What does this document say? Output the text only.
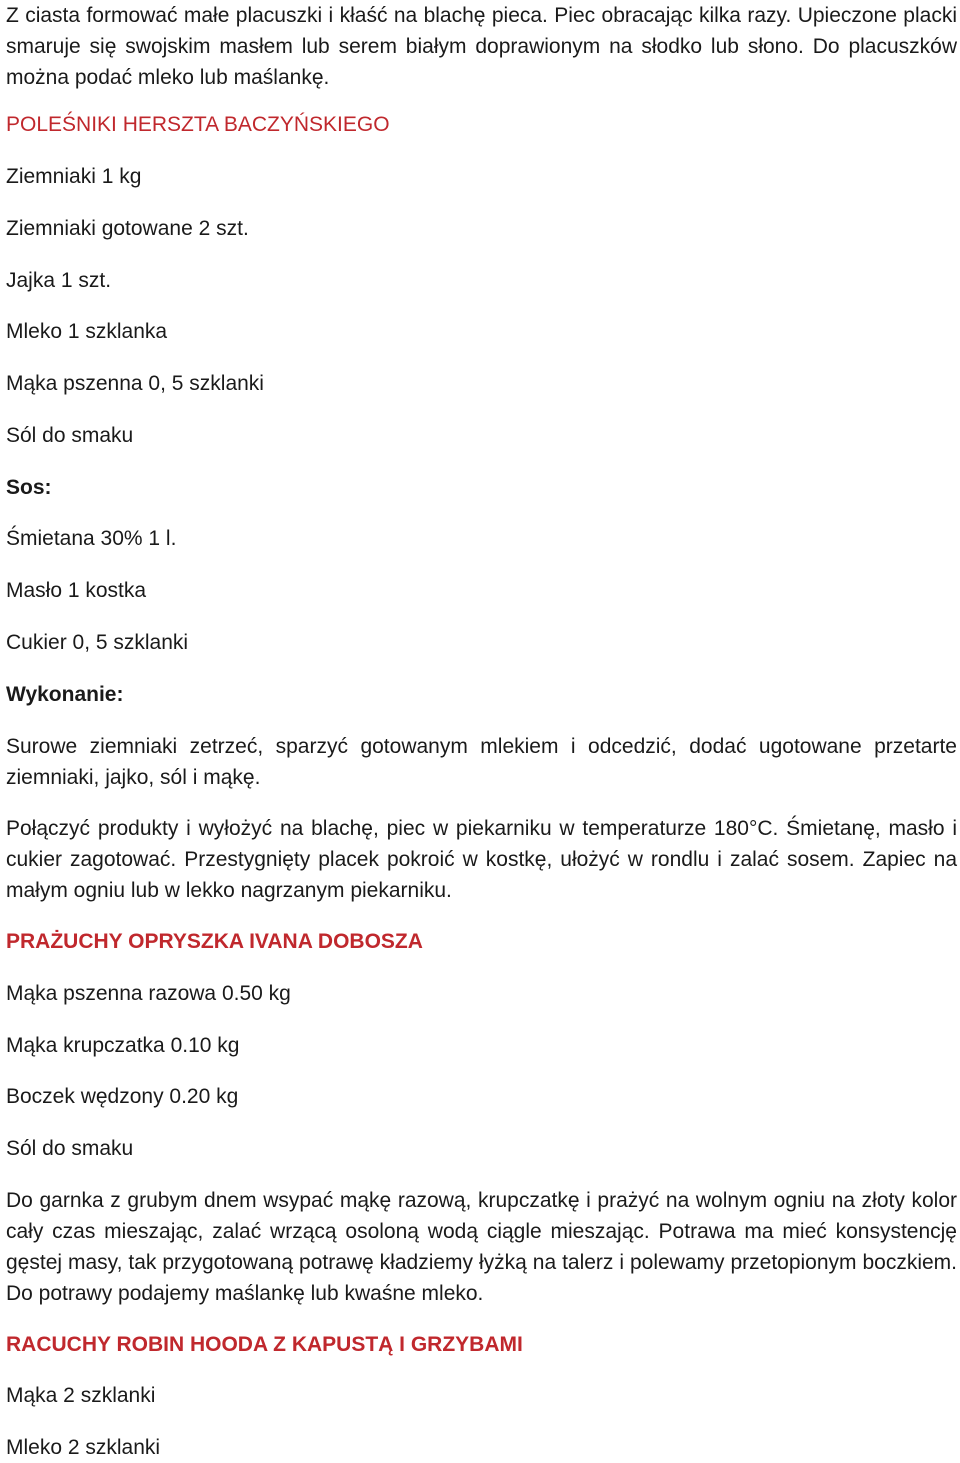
Z ciasta formować małe placuszki i kłaść na blachę pieca. Piec obracając kilka razy. Upieczone placki smaruje się swojskim masłem lub serem białym doprawionym na słodko lub słono. Do placuszków można podać mleko lub maślankę.
POLEŚNIKI HERSZTA BACZYŃSKIEGO
Ziemniaki 1 kg
Ziemniaki gotowane 2 szt.
Jajka 1 szt.
Mleko 1 szklanka
Mąka pszenna 0, 5 szklanki
Sól do smaku
Sos:
Śmietana 30% 1 l.
Masło 1 kostka
Cukier 0, 5 szklanki
Wykonanie:
Surowe ziemniaki zetrzeć, sparzyć gotowanym mlekiem i odcedzić, dodać ugotowane przetarte ziemniaki, jajko, sól i mąkę.
Połączyć produkty i wyłożyć na blachę, piec w piekarniku w temperaturze 180°C. Śmietanę, masło i cukier zagotować. Przestygnięty placek pokroić w kostkę, ułożyć w rondlu i zalać sosem. Zapiec na małym ogniu lub w lekko nagrzanym piekarniku.
PRAŻUCHY OPRYSZKA IVANA DOBOSZA
Mąka pszenna razowa 0.50 kg
Mąka krupczatka 0.10 kg
Boczek wędzony 0.20 kg
Sól do smaku
Do garnka z grubym dnem wsypać mąkę razową, krupczatkę i prażyć na wolnym ogniu na złoty kolor cały czas mieszając, zalać wrzącą osoloną wodą ciągle mieszając. Potrawa ma mieć konsystencję gęstej masy, tak przygotowaną potrawę kładziemy łyżką na talerz i polewamy przetopionym boczkiem. Do potrawy podajemy maślankę lub kwaśne mleko.
RACUCHY ROBIN HOODA Z KAPUSTĄ I GRZYBAMI
Mąka 2 szklanki
Mleko 2 szklanki
